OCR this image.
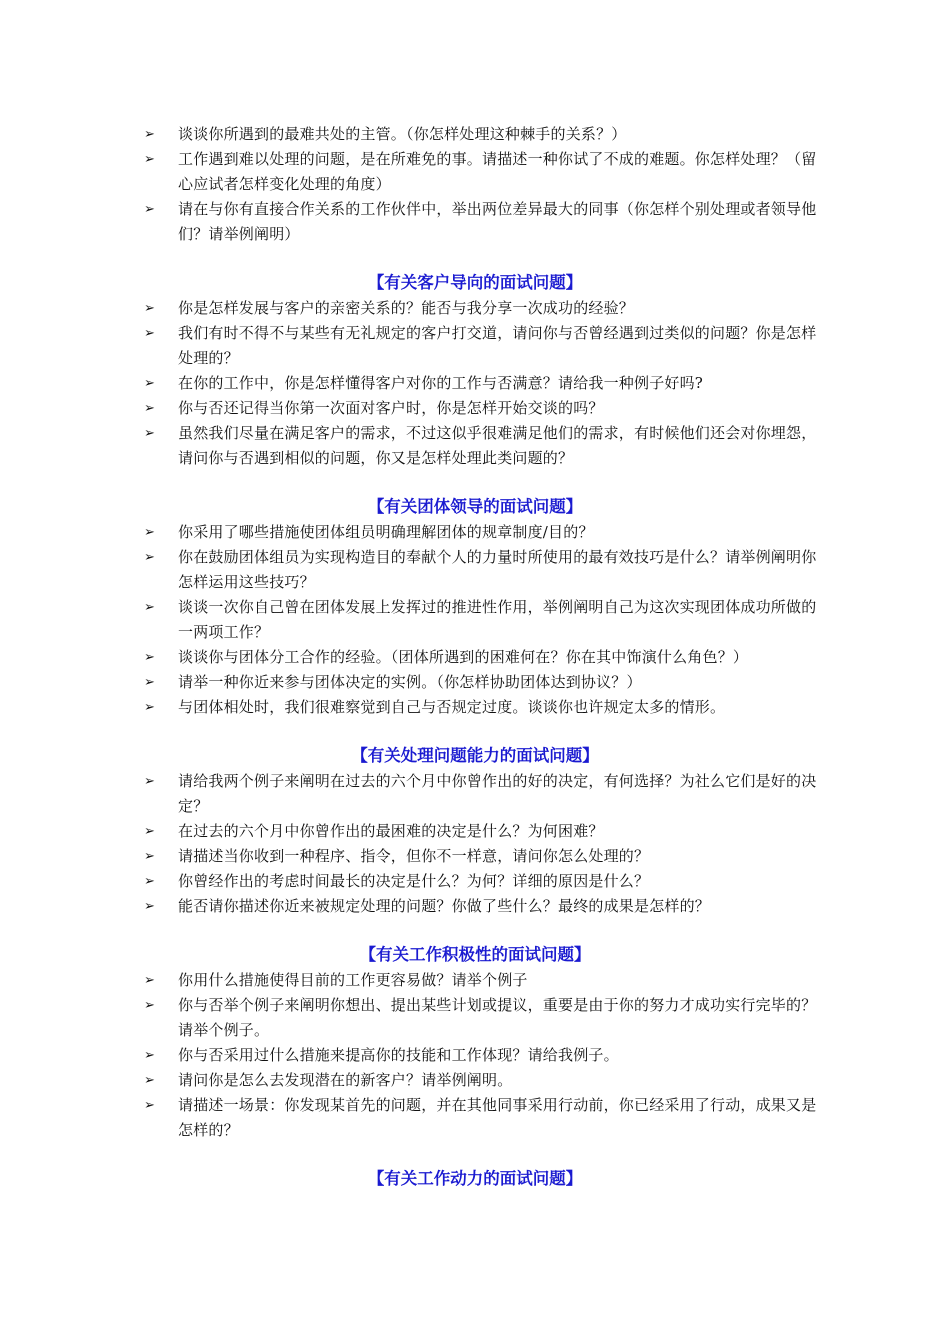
➢ 谈谈你所遇到的最难共处的主管。（你怎样处理这种棘手的关系？）
➢ 工作遇到难以处理的问题，是在所难免的事。请描述一种你试了不成的难题。你怎样处理？（留心应试者怎样变化处理的角度）
➢ 请在与你有直接合作关系的工作伙伴中，举出两位差异最大的同事（你怎样个别处理或者领导他们？请举例阐明）
【有关客户导向的面试问题】
➢ 你是怎样发展与客户的亲密关系的？能否与我分享一次成功的经验？
➢ 我们有时不得不与某些有无礼规定的客户打交道，请问你与否曾经遇到过类似的问题？你是怎样处理的？
➢ 在你的工作中，你是怎样懂得客户对你的工作与否满意？请给我一种例子好吗?
➢ 你与否还记得当你第一次面对客户时，你是怎样开始交谈的吗？
➢ 虽然我们尽量在满足客户的需求，不过这似乎很难满足他们的需求，有时候他们还会对你埋怨，请问你与否遇到相似的问题，你又是怎样处理此类问题的？
【有关团体领导的面试问题】
➢ 你采用了哪些措施使团体组员明确理解团体的规章制度/目的？
➢ 你在鼓励团体组员为实现构造目的奉献个人的力量时所使用的最有效技巧是什么？请举例阐明你怎样运用这些技巧？
➢ 谈谈一次你自己曾在团体发展上发挥过的推进性作用，举例阐明自己为这次实现团体成功所做的一两项工作？
➢ 谈谈你与团体分工合作的经验。（团体所遇到的困难何在？你在其中饰演什么角色？）
➢ 请举一种你近来参与团体决定的实例。（你怎样协助团体达到协议？）
➢ 与团体相处时，我们很难察觉到自己与否规定过度。谈谈你也许规定太多的情形。
【有关处理问题能力的面试问题】
➢ 请给我两个例子来阐明在过去的六个月中你曾作出的好的决定，有何选择？为社么它们是好的决定？
➢ 在过去的六个月中你曾作出的最困难的决定是什么？为何困难？
➢ 请描述当你收到一种程序、指令，但你不一样意，请问你怎么处理的？
➢ 你曾经作出的考虑时间最长的决定是什么？为何？详细的原因是什么？
➢ 能否请你描述你近来被规定处理的问题？你做了些什么？最终的成果是怎样的？
【有关工作积极性的面试问题】
➢ 你用什么措施使得目前的工作更容易做？请举个例子
➢ 你与否举个例子来阐明你想出、提出某些计划或提议，重要是由于你的努力才成功实行完毕的？请举个例子。
➢ 你与否采用过什么措施来提高你的技能和工作体现？请给我例子。
➢ 请问你是怎么去发现潜在的新客户？请举例阐明。
➢ 请描述一场景：你发现某首先的问题，并在其他同事采用行动前，你已经采用了行动，成果又是怎样的？
【有关工作动力的面试问题】
